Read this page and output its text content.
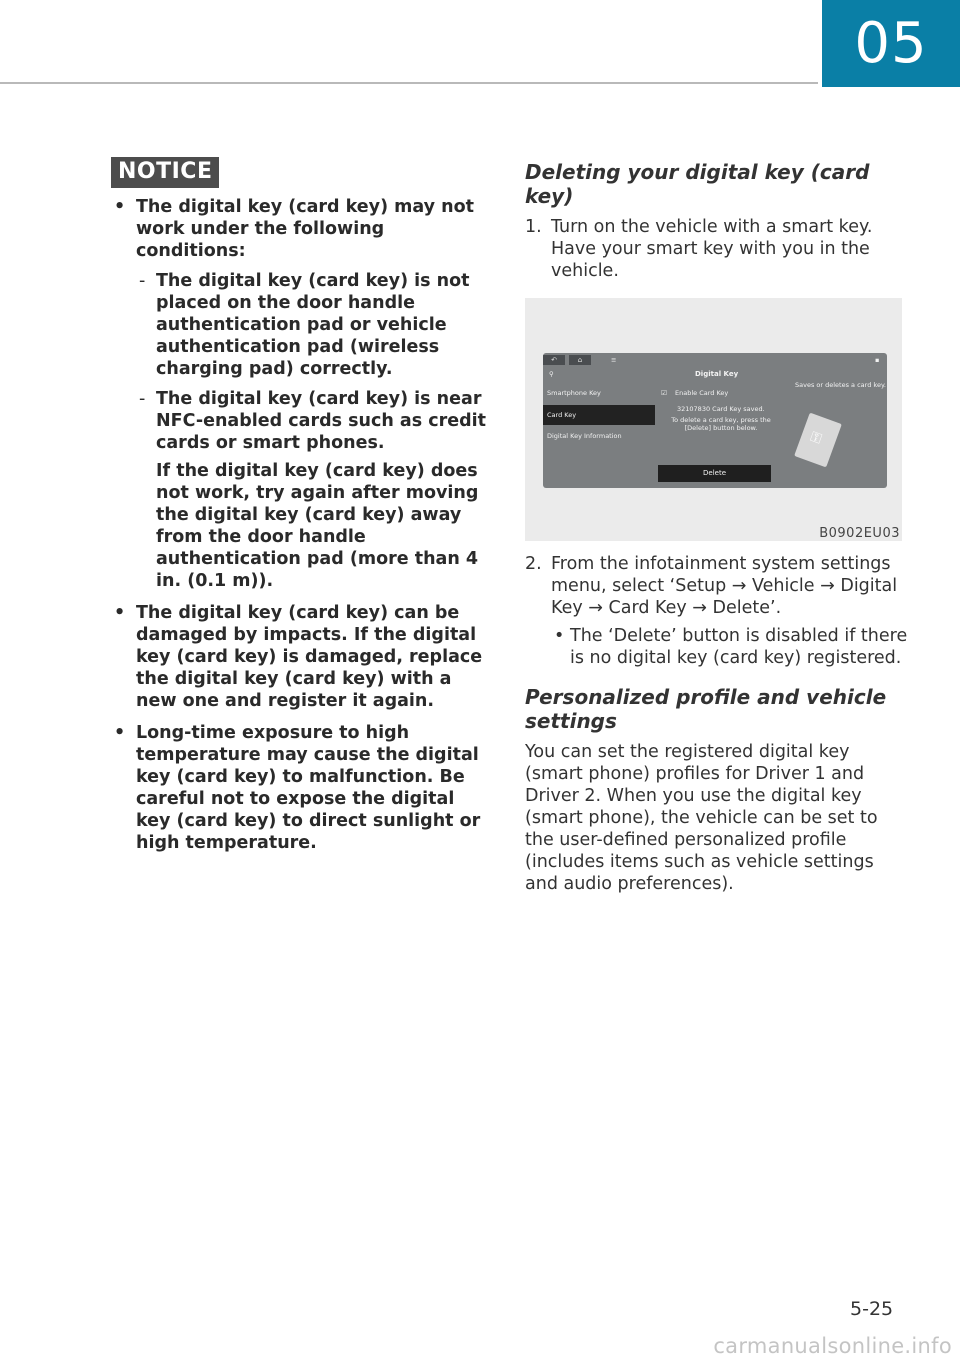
05
NOTICE
• The digital key (card key) may not work under the following conditions:
- The digital key (card key) is not placed on the door handle authentication pad or vehicle authentication pad (wireless charging pad) correctly.
- The digital key (card key) is near NFC-enabled cards such as credit cards or smart phones.
If the digital key (card key) does not work, try again after moving the digital key (card key) away from the door handle authentication pad (more than 4 in. (0.1 m)).
• The digital key (card key) can be damaged by impacts. If the digital key (card key) is damaged, replace the digital key (card key) with a new one and register it again.
• Long-time exposure to high temperature may cause the digital key (card key) to malfunction. Be careful not to expose the digital key (card key) to direct sunlight or high temperature.
Deleting your digital key (card key)
1. Turn on the vehicle with a smart key. Have your smart key with you in the vehicle.
↶	⌂	≡	▪
⚲	Digital Key
Smartphone Key
Card Key
Digital Key Information
☑ Enable Card Key
32107830 Card Key saved.
To delete a card key, press the [Delete] button below.
Saves or deletes a card key.
⚿
Delete
B0902EU03
2. From the infotainment system settings menu, select ‘Setup → Vehicle → Digital Key → Card Key → Delete’.
• The ‘Delete’ button is disabled if there is no digital key (card key) registered.
Personalized profile and vehicle settings

You can set the registered digital key (smart phone) profiles for Driver 1 and Driver 2. When you use the digital key (smart phone), the vehicle can be set to the user-defined personalized profile (includes items such as vehicle settings and audio preferences).

5-25
carmanualsonline.info
